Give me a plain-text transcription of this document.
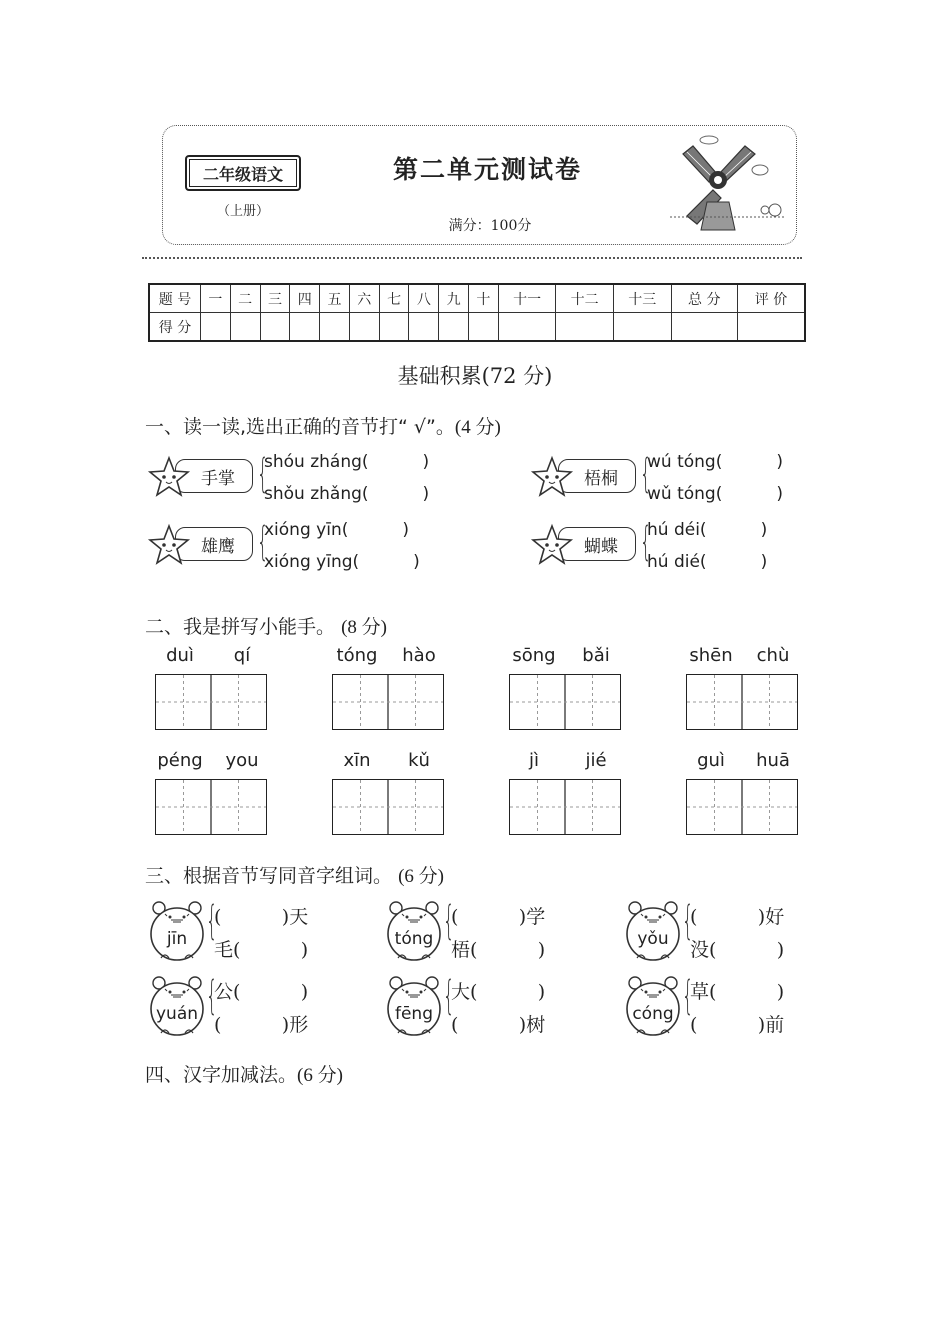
二年级语文
（上册）
第二单元测试卷
满分：100分
题 号	一	二	三	四	五	六	七	八	九	十	十一	十二	十三	总 分	评 价
得 分															
基础积累(72 分)
一、读一读,选出正确的音节打“ √”。(4 分)
二、我是拼写小能手。 (8 分)
三、根据音节写同音字组词。 (6 分)
四、汉字加减法。(6 分)
手掌 {
shóu zháng(          )
shǒu zhǎng(          )
梧桐 {
wú tóng(          )
wǔ tóng(          )
雄鹰 {
xióng yīn(          )
xióng yīng(          )
蝴蝶 {
hú déi(          )
hú dié(          )
duì	qí	tóng	hào	sōng	bǎi	shēn	chù
péng	you	xīn	kǔ	jì	jié	guì	huā
jīn {
(          )天
毛(          )	tóng {
(          )学
梧(          )	yǒu {
(          )好
没(          )
yuán {
公(          )
(          )形	fēng {
大(          )
(          )树	cóng {
草(          )
(          )前
